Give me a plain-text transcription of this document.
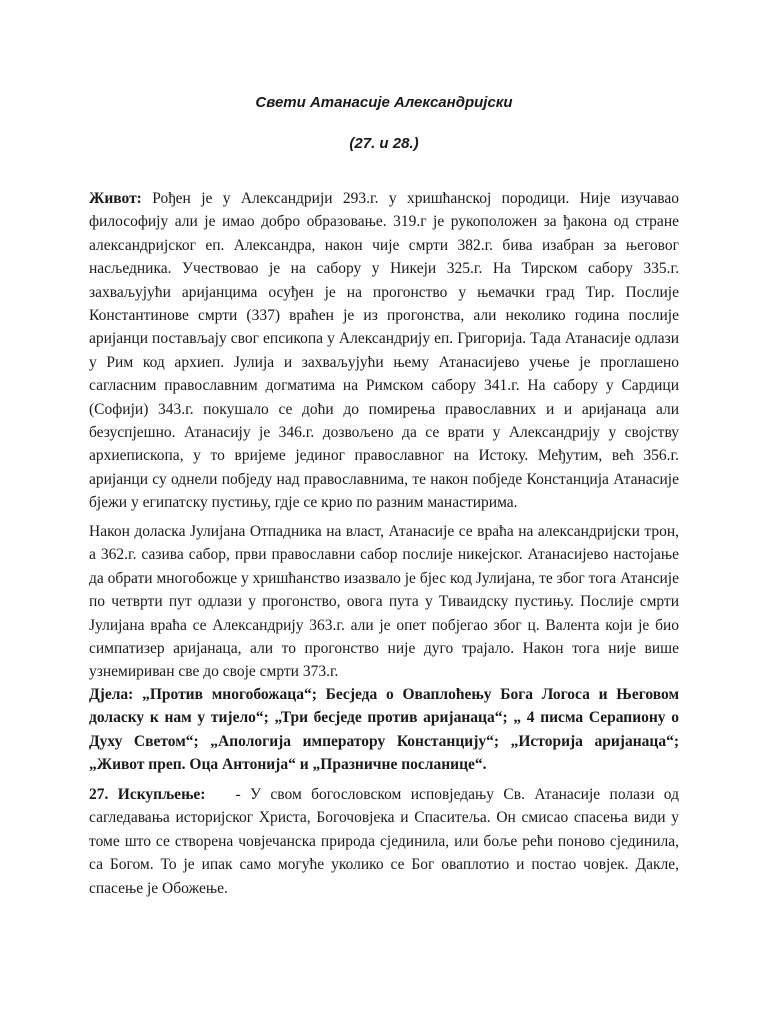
Свети Атанасије Александријски
(27. и 28.)

Живот: Рођен је у Александрији 293.г. у хришћанској породици. Није изучавао философију али је имао добро образовање. 319.г је рукоположен за ђакона од стране александријског еп. Александра, након чије смрти 382.г. бива изабран за његовог насљедника. Учествовао је на сабору у Никеји 325.г. На Тирском сабору 335.г. захваљујући аријанцима осуђен је на прогонство у њемачки град Тир. Послије Константинове смрти (337) враћен је из прогонства, али неколико година послије аријанци постављају свог епсикопа у Александрију еп. Григорија. Тада Атанасије одлази у Рим код архиеп. Јулија и захваљујући њему Атанасијево учење је проглашено сагласним православним догматима на Римском сабору 341.г. На сабору у Сардици (Софији) 343.г. покушало се доћи до помирења православних и и аријанаца али безуспјешно. Атанасију је 346.г. дозвољено да се врати у Александрију у својству архиепископа, у то вријеме јединог православног на Истоку. Међутим, већ 356.г. аријанци су однели побједу над православнима, те након побједе Констанција Атанасије бјежи у египатску пустињу, гдје се крио по разним манастирима.

Након доласка Јулијана Отпадника на власт, Атанасије се враћа на александријски трон, а 362.г. сазива сабор, први православни сабор послије никејског. Атанасијево настојање да обрати многобожце у хришћанство изазвало је бјес код Јулијана, те због тога Атансије по четврти пут одлази у прогонство, овога пута у Тиваидску пустињу. Послије смрти Јулијана враћа се Александрију 363.г. али је опет побјегао због ц. Валента који је био симпатизер аријанаца, али то прогонство није дуго трајало. Након тога није више узнемириван све до своје смрти 373.г.

Дјела: „Против многобожаца“; Бесједа о Оваплоћењу Бога Логоса и Његовом доласку к нам у тијело“; „Три бесједе против аријанаца“; „ 4 писма Серапиону о Духу Светом“; „Апологија императору Констанцију“; „Историја аријанаца“; „Живот преп. Оца Антонија“ и „Празничне посланице“.

27. Искупљење: - У свом богословском исповједању Св. Атанасије полази од сагледавања историјског Христа, Богочовјека и Спаситеља. Он смисао спасења види у томе што се створена човјечанска природа сјединила, или боље рећи поново сјединила, са Богом. То је ипак само могуће уколико се Бог оваплотио и постао човјек. Дакле, спасење је Обожење.
